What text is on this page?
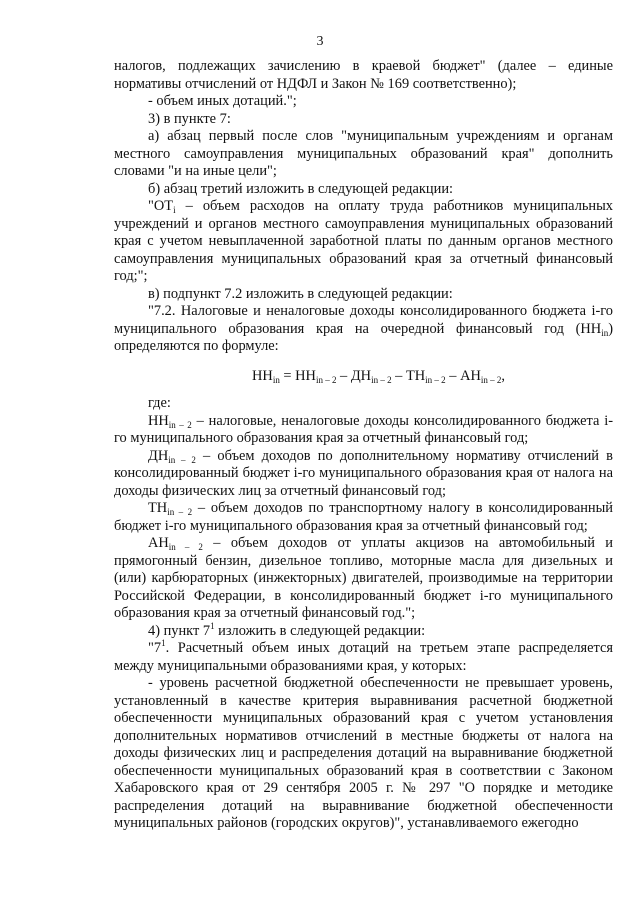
3

налогов, подлежащих зачислению в краевой бюджет" (далее – единые нормативы отчислений от НДФЛ и Закон № 169 соответственно);

- объем иных дотаций.";

3) в пункте 7:

а) абзац первый после слов "муниципальным учреждениям и органам местного самоуправления муниципальных образований края" дополнить словами "и на иные цели";

б) абзац третий изложить в следующей редакции:

"$ОТ_i$ – объем расходов на оплату труда работников муниципальных учреждений и органов местного самоуправления муниципальных образований края с учетом невыплаченной заработной платы по данным органов местного самоуправления муниципальных образований края за отчетный финансовый год;";

в) подпункт 7.2 изложить в следующей редакции:

"7.2. Налоговые и неналоговые доходы консолидированного бюджета i-го муниципального образования края на очередной финансовый год $(НН_{in})$ определяются по формуле:

$НН_{in} = НН_{in - 2} - ДН_{in - 2} - ТН_{in - 2} - АН_{in - 2}$,

где:

$НН_{in - 2}$ – налоговые, неналоговые доходы консолидированного бюджета i-го муниципального образования края за отчетный финансовый год;

$ДН_{in - 2}$ – объем доходов по дополнительному нормативу отчислений в консолидированный бюджет i-го муниципального образования края от налога на доходы физических лиц за отчетный финансовый год;

$ТН_{in - 2}$ – объем доходов по транспортному налогу в консолидированный бюджет i-го муниципального образования края за отчетный финансовый год;

$АН_{in - 2}$ – объем доходов от уплаты акцизов на автомобильный и прямогонный бензин, дизельное топливо, моторные масла для дизельных и (или) карбюраторных (инжекторных) двигателей, производимые на территории Российской Федерации, в консолидированный бюджет i-го муниципального образования края за отчетный финансовый год.";

4) пункт $7^1$ изложить в следующей редакции:

"$7^1$. Расчетный объем иных дотаций на третьем этапе распределяется между муниципальными образованиями края, у которых:

- уровень расчетной бюджетной обеспеченности не превышает уровень, установленный в качестве критерия выравнивания расчетной бюджетной обеспеченности муниципальных образований края с учетом установления дополнительных нормативов отчислений в местные бюджеты от налога на доходы физических лиц и распределения дотаций на выравнивание бюджетной обеспеченности муниципальных образований края в соответствии с Законом Хабаровского края от 29 сентября 2005 г. № 297 "О порядке и методике распределения дотаций на выравнивание бюджетной обеспеченности муниципальных районов (городских округов)", устанавливаемого ежегодно
